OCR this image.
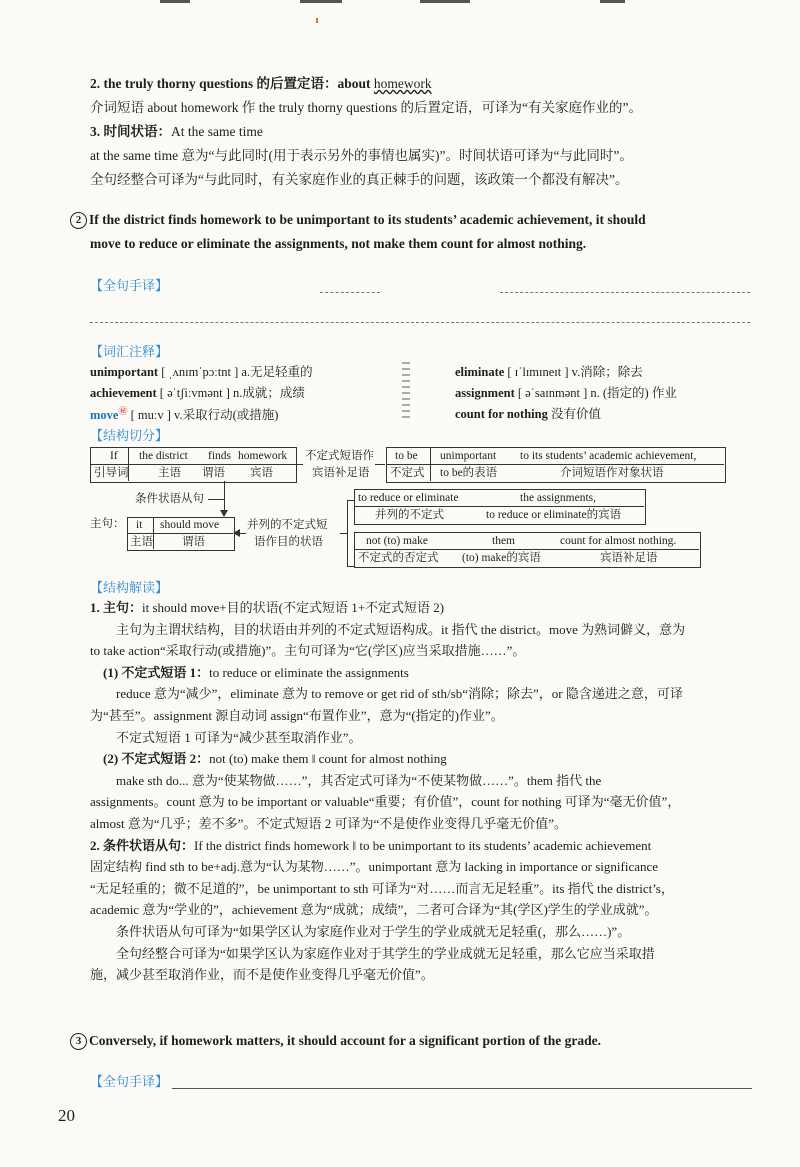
2. the truly thorny questions 的后置定语：about homework
介词短语 about homework 作 the truly thorny questions 的后置定语，可译为“有关家庭作业的”。
3. 时间状语：At the same time
at the same time 意为“与此同时(用于表示另外的事情也属实)”。时间状语可译为“与此同时”。
全句经整合可译为“与此同时，有关家庭作业的真正棘手的问题，该政策一个都没有解决”。
2 If the district finds homework to be unimportant to its students’ academic achievement, it should
move to reduce or eliminate the assignments, not make them count for almost nothing.
【全句手译】
【词汇注释】
unimportant [ ˌʌnɪmˈpɔːtnt ] a.无足轻重的
achievement [ əˈtʃiːvmənt ] n.成就；成绩
move㊙ [ muːv ] v.采取行动(或措施)
eliminate [ ɪˈlɪmɪneɪt ] v.消除；除去
assignment [ əˈsaɪnmənt ] n. (指定的) 作业
count for nothing 没有价值
【结构切分】
If
引导词
the district
主语
finds
谓语
homework
宾语
不定式短语作
宾语补足语
to be
不定式
unimportant
to be的表语
to its students’ academic achievement,
介词短语作对象状语
条件状语从句
主句： it
主语
should move
谓语
并列的不定式短
语作目的状语
to reduce or eliminate
并列的不定式
the assignments,
to reduce or eliminate的宾语
not (to) make
不定式的否定式
them
(to) make的宾语
count for almost nothing.
宾语补足语
【结构解读】
1. 主句：it should move+目的状语(不定式短语 1+不定式短语 2)
主句为主谓状结构，目的状语由并列的不定式短语构成。it 指代 the district。move 为熟词僻义，意为
to take action“采取行动(或措施)”。主句可译为“它(学区)应当采取措施……”。
(1) 不定式短语 1：to reduce or eliminate the assignments
reduce 意为“减少”，eliminate 意为 to remove or get rid of sth/sb“消除；除去”，or 隐含递进之意，可译
为“甚至”。assignment 源自动词 assign“布置作业”，意为“(指定的)作业”。
不定式短语 1 可译为“减少甚至取消作业”。
(2) 不定式短语 2：not (to) make them ‖ count for almost nothing
make sth do... 意为“使某物做……”，其否定式可译为“不使某物做……”。them 指代 the
assignments。count 意为 to be important or valuable“重要；有价值”，count for nothing 可译为“毫无价值”，
almost 意为“几乎；差不多”。不定式短语 2 可译为“不是使作业变得几乎毫无价值”。
2. 条件状语从句：If the district finds homework ‖ to be unimportant to its students’ academic achievement
固定结构 find sth to be+adj.意为“认为某物……”。unimportant 意为 lacking in importance or significance
“无足轻重的；微不足道的”，be unimportant to sth 可译为“对……而言无足轻重”。its 指代 the district’s，
academic 意为“学业的”，achievement 意为“成就；成绩”，二者可合译为“其(学区)学生的学业成就”。
条件状语从句可译为“如果学区认为家庭作业对于学生的学业成就无足轻重(，那么……)”。
全句经整合可译为“如果学区认为家庭作业对于其学生的学业成就无足轻重，那么它应当采取措
施，减少甚至取消作业，而不是使作业变得几乎毫无价值”。
3 Conversely, if homework matters, it should account for a significant portion of the grade.
【全句手译】
20
